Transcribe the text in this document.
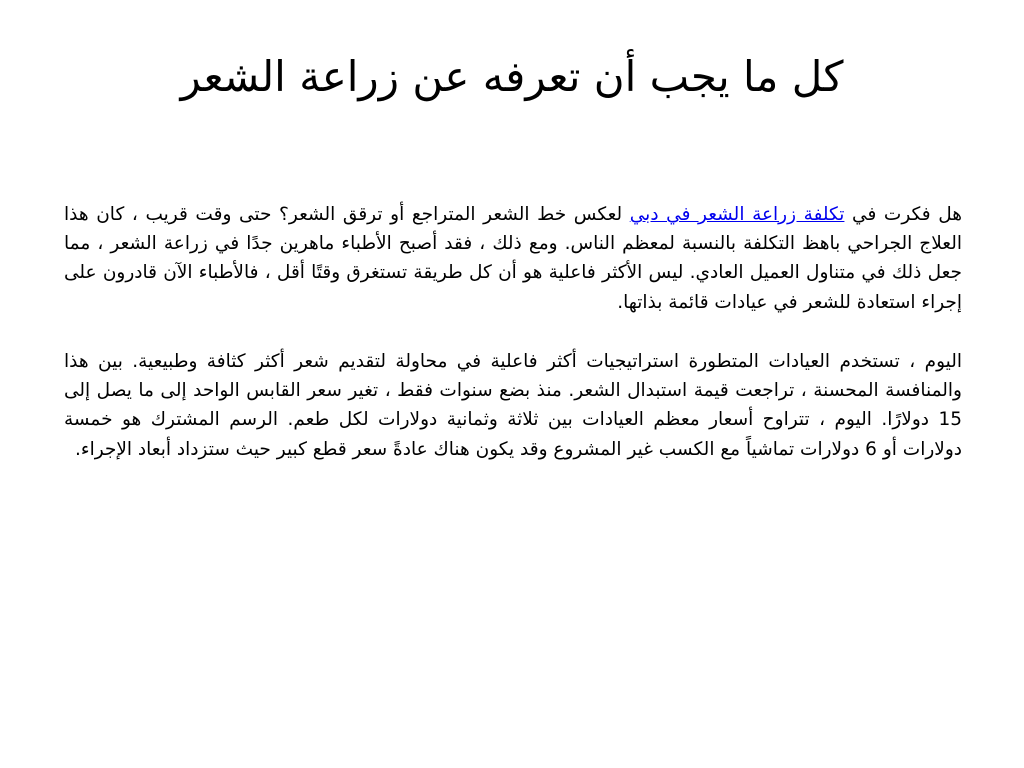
كل ما يجب أن تعرفه عن زراعة الشعر

هل فكرت في تكلفة زراعة الشعر في دبي لعكس خط الشعر المتراجع أو ترقق الشعر؟ حتى وقت قريب ، كان هذا العلاج الجراحي باهظ التكلفة بالنسبة لمعظم الناس. ومع ذلك ، فقد أصبح الأطباء ماهرين جدًا في زراعة الشعر ، مما جعل ذلك في متناول العميل العادي. ليس الأكثر فاعلية هو أن كل طريقة تستغرق وقتًا أقل ، فالأطباء الآن قادرون على إجراء استعادة للشعر في عيادات قائمة بذاتها.

اليوم ، تستخدم العيادات المتطورة استراتيجيات أكثر فاعلية في محاولة لتقديم شعر أكثر كثافة وطبيعية. بين هذا والمنافسة المحسنة ، تراجعت قيمة استبدال الشعر. منذ بضع سنوات فقط ، تغير سعر القابس الواحد إلى ما يصل إلى 15 دولارًا. اليوم ، تتراوح أسعار معظم العيادات بين ثلاثة وثمانية دولارات لكل طعم. الرسم المشترك هو خمسة دولارات أو 6 دولارات تماشياً مع الكسب غير المشروع وقد يكون هناك عادةً سعر قطع كبير حيث ستزداد أبعاد الإجراء.
